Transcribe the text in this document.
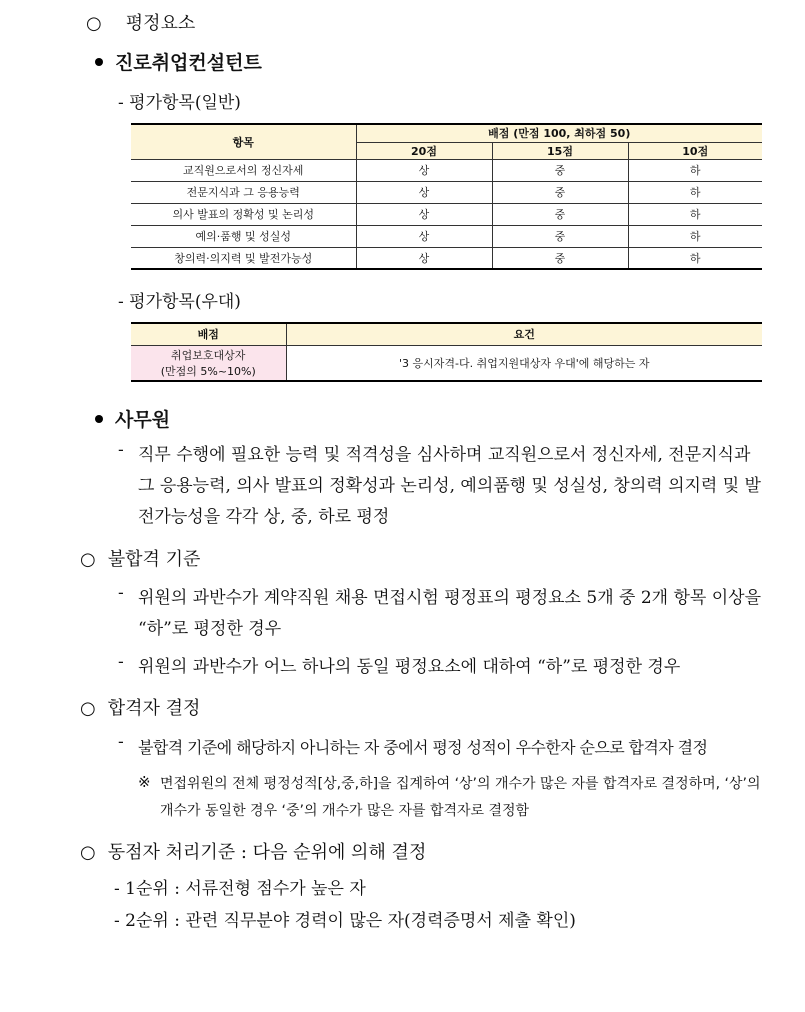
○ 평정요소
진로취업컨설턴트
- 평가항목(일반)
항목	배점 (만점 100, 최하점 50)		
	20점	15점	10점
교직원으로서의 정신자세	상	중	하
전문지식과 그 응용능력	상	중	하
의사 발표의 정확성 및 논리성	상	중	하
예의·품행 및 성실성	상	중	하
창의력·의지력 및 발전가능성	상	중	하
- 평가항목(우대)
배점	요건

취업보호대상자
(만점의 5%~10%)	'3 응시자격-다. 취업지원대상자 우대'에 해당하는 자
사무원
- 직무 수행에 필요한 능력 및 적격성을 심사하며 교직원으로서 정신자세, 전문지식과 그 응용능력, 의사 발표의 정확성과 논리성, 예의품행 및 성실성, 창의력 의지력 및 발전가능성을 각각 상, 중, 하로 평정
○ 불합격 기준
- 위원의 과반수가 계약직원 채용 면접시험 평정표의 평정요소 5개 중 2개 항목 이상을 “하”로 평정한 경우
- 위원의 과반수가 어느 하나의 동일 평정요소에 대하여 “하”로 평정한 경우
○ 합격자 결정
- 불합격 기준에 해당하지 아니하는 자 중에서 평정 성적이 우수한자 순으로 합격자 결정
※ 면접위원의 전체 평정성적[상,중,하]을 집계하여 ‘상’의 개수가 많은 자를 합격자로 결정하며, ‘상’의 개수가 동일한 경우 ‘중’의 개수가 많은 자를 합격자로 결정함
○ 동점자 처리기준 : 다음 순위에 의해 결정
- 1순위 : 서류전형 점수가 높은 자
- 2순위 : 관련 직무분야 경력이 많은 자(경력증명서 제출 확인)
